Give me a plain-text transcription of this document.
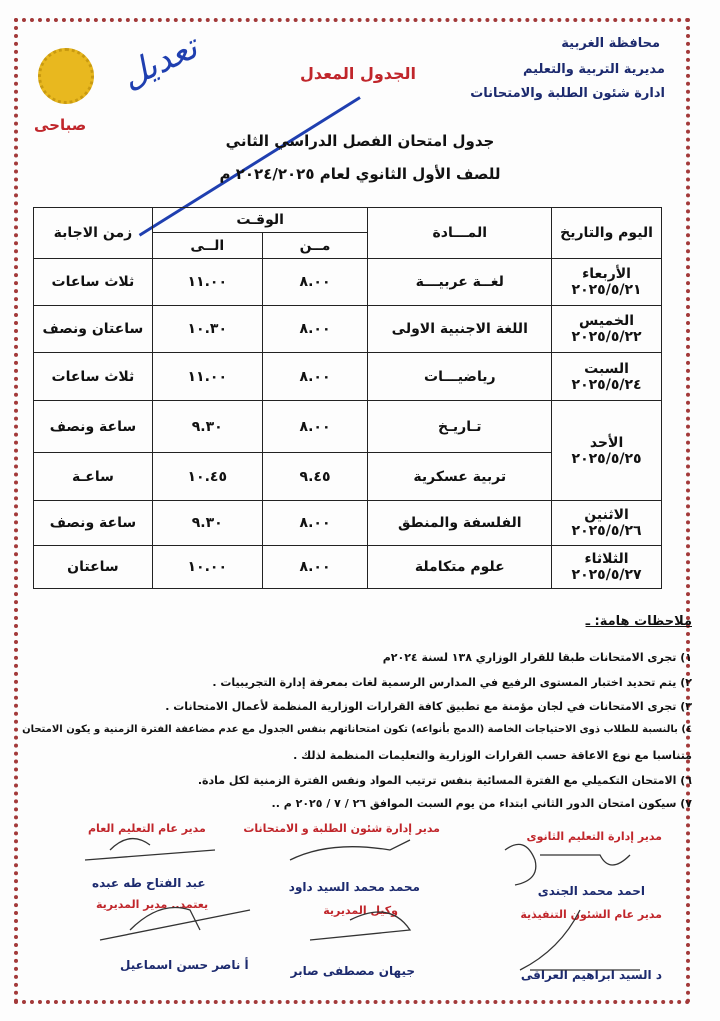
محافظة الغربية
مديرية التربية والتعليم
ادارة شئون الطلبة والامتحانات
الجدول المعدل
تعديل
صباحى
جدول امتحان الفصل الدراسي الثاني
للصف الأول الثانوي لعام ٢٠٢٤/٢٠٢٥ م
اليوم والتاريخ	المـــادة	الوقـت		زمن الاجابة
		مــن	الــى	

الأربعاء
٢٠٢٥/٥/٢١	لغــة عربيـــة	٨.٠٠	١١.٠٠	ثلاث ساعات

الخميس
٢٠٢٥/٥/٢٢	اللغة الاجنبية الاولى	٨.٠٠	١٠.٣٠	ساعتان ونصف

السبت
٢٠٢٥/٥/٢٤	رياضيـــات	٨.٠٠	١١.٠٠	ثلاث ساعات

الأحد
٢٠٢٥/٥/٢٥	تـاريـخ	٨.٠٠	٩.٣٠	ساعة ونصف
	تربية عسكرية	٩.٤٥	١٠.٤٥	ساعـة

الاثنين
٢٠٢٥/٥/٢٦	الفلسفة والمنطق	٨.٠٠	٩.٣٠	ساعة ونصف

الثلاثاء
٢٠٢٥/٥/٢٧	علوم متكاملة	٨.٠٠	١٠.٠٠	ساعتان
ملاحظات هامة: ـ
١) تجرى الامتحانات طبقا للقرار الوزاري ١٣٨ لسنة ٢٠٢٤م
٢) يتم تحديد اختبار المستوى الرفيع في المدارس الرسمية لغات بمعرفة إدارة التجريبيات .
٣) تجرى الامتحانات في لجان مؤمنة مع تطبيق كافة القرارات الوزارية المنظمة لأعمال الامتحانات .
٤) بالنسبة للطلاب ذوى الاحتياجات الخاصة (الدمج بأنواعه) تكون امتحاناتهم بنفس الجدول مع عدم مضاعفة الفترة الزمنية و يكون الامتحان
متناسبا مع نوع الاعاقة حسب القرارات الوزارية والتعليمات المنظمة لذلك .
٦) الامتحان التكميلي مع الفترة المسائية بنفس ترتيب المواد ونفس الفترة الزمنية لكل مادة.
٧) سيكون امتحان الدور الثاني ابتداء من يوم السبت الموافق ٢٦ / ٧ / ٢٠٢٥ م ..
مدير إدارة التعليم الثانوى
احمد محمد الجندى
مدير إدارة شئون الطلبة و الامتحانات
محمد محمد السيد داود
مدير عام التعليم العام
عبد الفتاح طه عبده
مدير عام الشئون التنفيذية
د السيد ابراهيم العراقى
وكيل المديرية
جيهان مصطفى صابر
يعتمد.. مدير المديرية
أ ناصر حسن اسماعيل
